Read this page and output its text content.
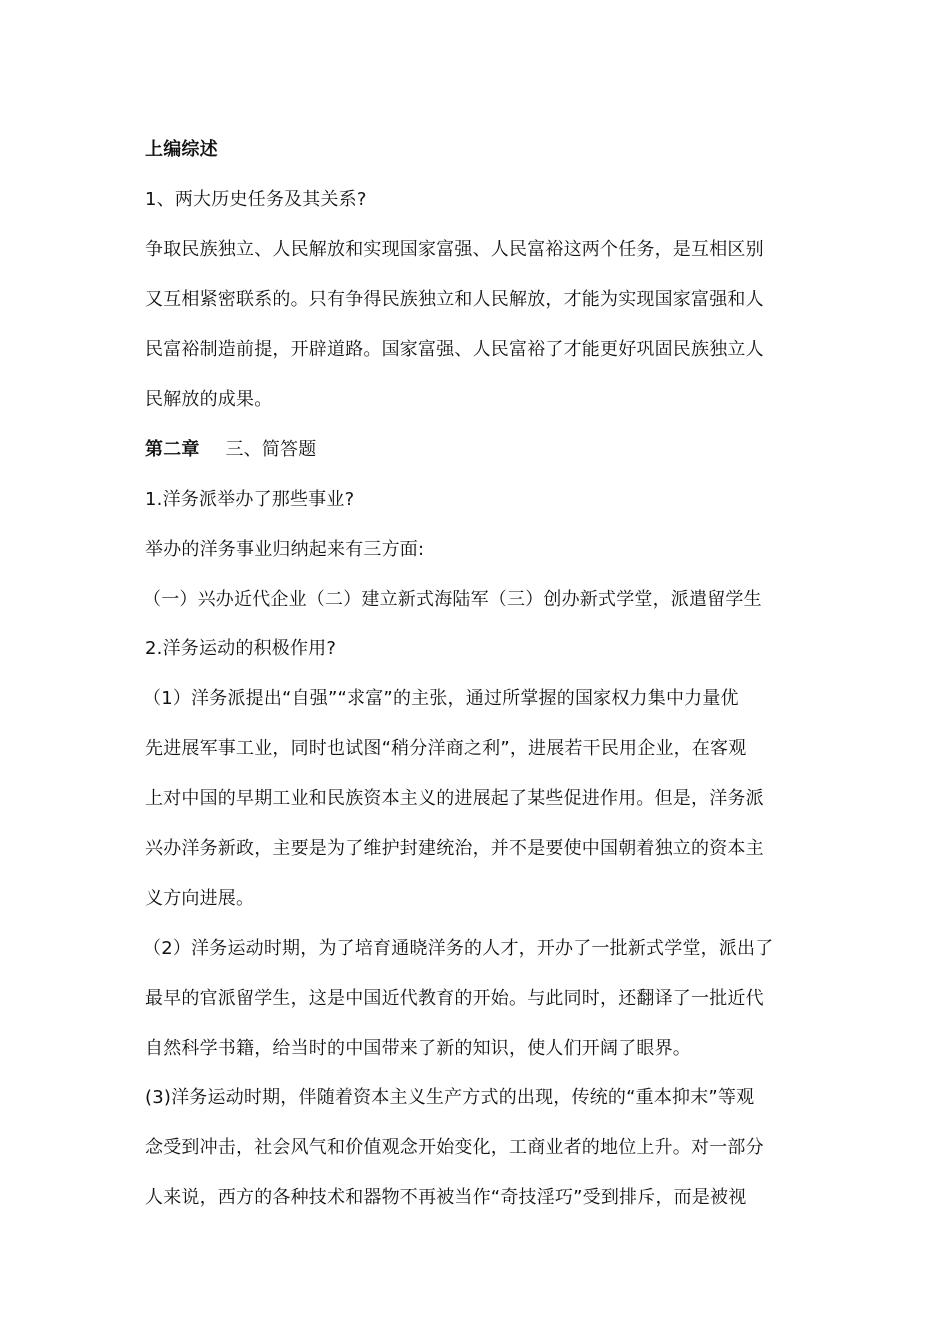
上编综述
1、两大历史任务及其关系?
争取民族独立、人民解放和实现国家富强、人民富裕这两个任务，是互相区别
又互相紧密联系的。只有争得民族独立和人民解放，才能为实现国家富强和人
民富裕制造前提，开辟道路。国家富强、人民富裕了才能更好巩固民族独立人
民解放的成果。
第二章 三、简答题
1.洋务派举办了那些事业?
举办的洋务事业归纳起来有三方面:
（一）兴办近代企业（二）建立新式海陆军（三）创办新式学堂，派遣留学生
2.洋务运动的积极作用?
（1）洋务派提出“自强”“求富”的主张，通过所掌握的国家权力集中力量优
先进展军事工业，同时也试图“稍分洋商之利”，进展若干民用企业，在客观
上对中国的早期工业和民族资本主义的进展起了某些促进作用。但是，洋务派
兴办洋务新政，主要是为了维护封建统治，并不是要使中国朝着独立的资本主
义方向进展。
（2）洋务运动时期，为了培育通晓洋务的人才，开办了一批新式学堂，派出了
最早的官派留学生，这是中国近代教育的开始。与此同时，还翻译了一批近代
自然科学书籍，给当时的中国带来了新的知识，使人们开阔了眼界。
(3)洋务运动时期，伴随着资本主义生产方式的出现，传统的“重本抑末”等观
念受到冲击，社会风气和价值观念开始变化，工商业者的地位上升。对一部分
人来说，西方的各种技术和器物不再被当作“奇技淫巧”受到排斥，而是被视
